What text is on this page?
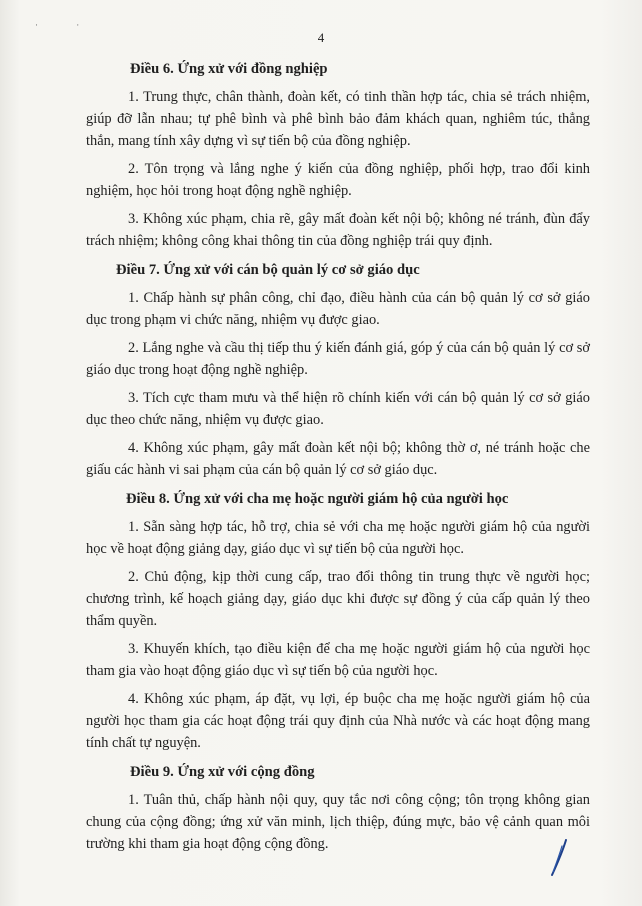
· ·
4
Điều 6. Ứng xử với đồng nghiệp

1. Trung thực, chân thành, đoàn kết, có tinh thần hợp tác, chia sẻ trách nhiệm, giúp đỡ lẫn nhau; tự phê bình và phê bình bảo đảm khách quan, nghiêm túc, thẳng thắn, mang tính xây dựng vì sự tiến bộ của đồng nghiệp.

2. Tôn trọng và lắng nghe ý kiến của đồng nghiệp, phối hợp, trao đổi kinh nghiệm, học hỏi trong hoạt động nghề nghiệp.

3. Không xúc phạm, chia rẽ, gây mất đoàn kết nội bộ; không né tránh, đùn đẩy trách nhiệm; không công khai thông tin của đồng nghiệp trái quy định.

Điều 7. Ứng xử với cán bộ quản lý cơ sở giáo dục

1. Chấp hành sự phân công, chỉ đạo, điều hành của cán bộ quản lý cơ sở giáo dục trong phạm vi chức năng, nhiệm vụ được giao.

2. Lắng nghe và cầu thị tiếp thu ý kiến đánh giá, góp ý của cán bộ quản lý cơ sở giáo dục trong hoạt động nghề nghiệp.

3. Tích cực tham mưu và thể hiện rõ chính kiến với cán bộ quản lý cơ sở giáo dục theo chức năng, nhiệm vụ được giao.

4. Không xúc phạm, gây mất đoàn kết nội bộ; không thờ ơ, né tránh hoặc che giấu các hành vi sai phạm của cán bộ quản lý cơ sở giáo dục.

Điều 8. Ứng xử với cha mẹ hoặc người giám hộ của người học

1. Sẵn sàng hợp tác, hỗ trợ, chia sẻ với cha mẹ hoặc người giám hộ của người học về hoạt động giảng dạy, giáo dục vì sự tiến bộ của người học.

2. Chủ động, kịp thời cung cấp, trao đổi thông tin trung thực về người học; chương trình, kế hoạch giảng dạy, giáo dục khi được sự đồng ý của cấp quản lý theo thẩm quyền.

3. Khuyến khích, tạo điều kiện để cha mẹ hoặc người giám hộ của người học tham gia vào hoạt động giáo dục vì sự tiến bộ của người học.

4. Không xúc phạm, áp đặt, vụ lợi, ép buộc cha mẹ hoặc người giám hộ của người học tham gia các hoạt động trái quy định của Nhà nước và các hoạt động mang tính chất tự nguyện.

Điều 9. Ứng xử với cộng đồng

1. Tuân thủ, chấp hành nội quy, quy tắc nơi công cộng; tôn trọng không gian chung của cộng đồng; ứng xử văn minh, lịch thiệp, đúng mực, bảo vệ cảnh quan môi trường khi tham gia hoạt động cộng đồng.
